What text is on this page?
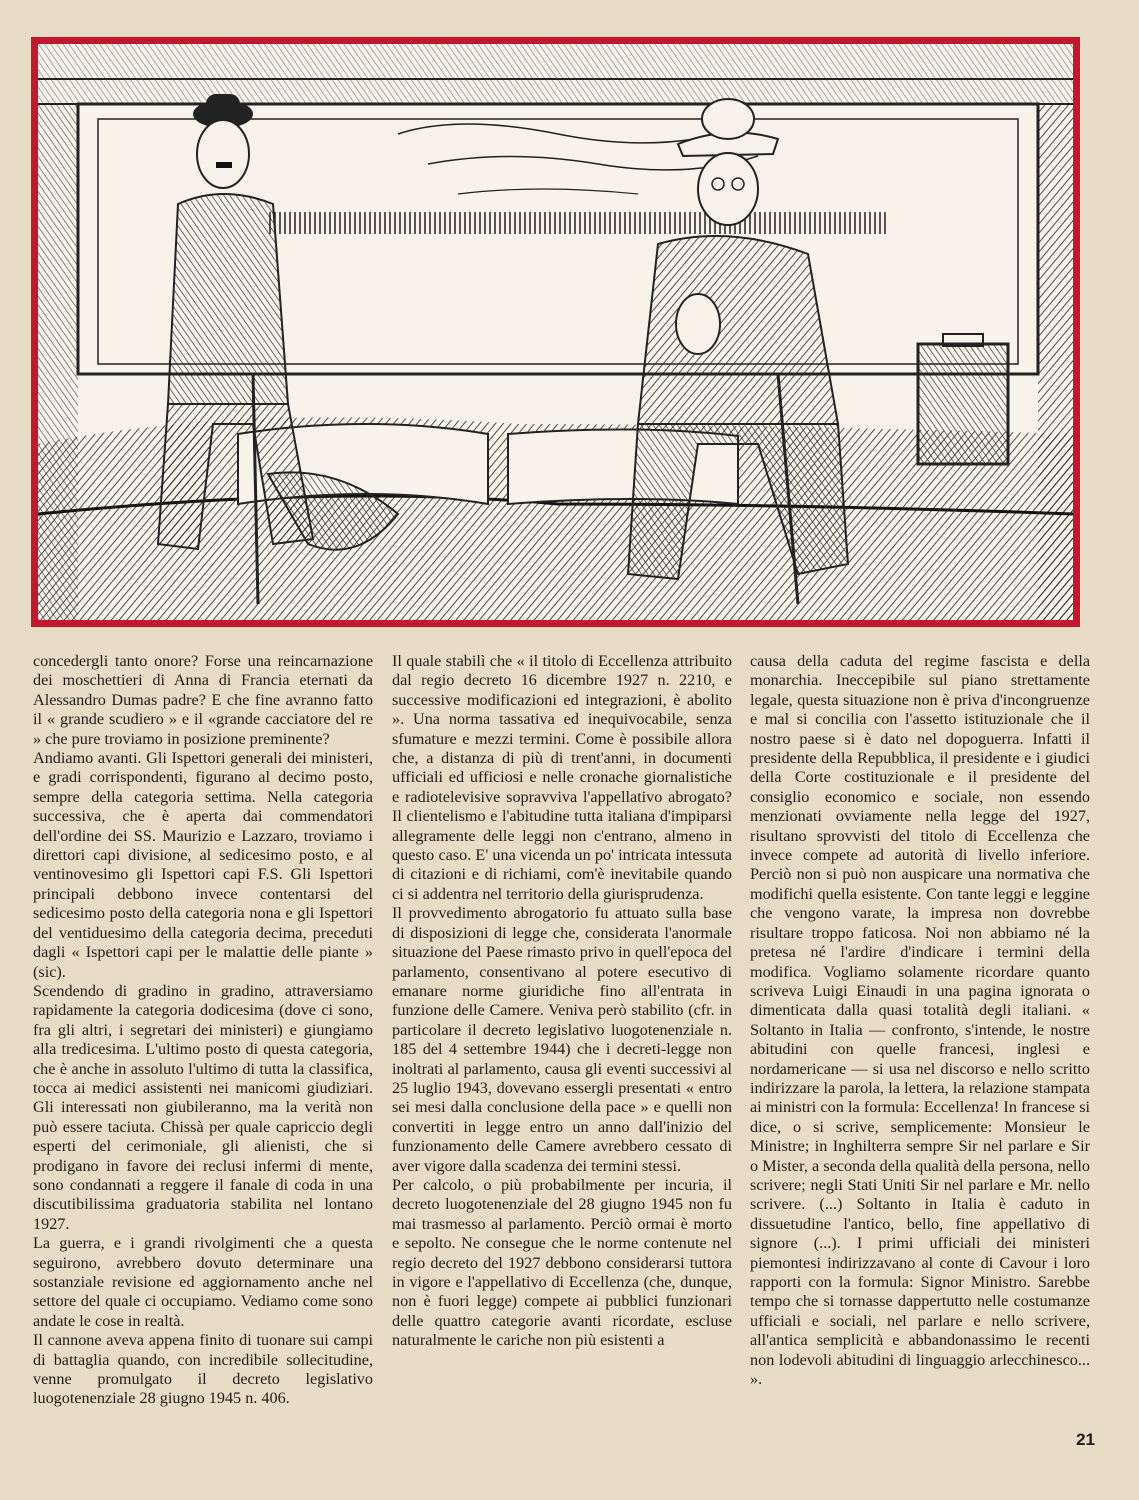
concedergli tanto onore? Forse una reincarnazione dei moschettieri di Anna di Francia eternati da Alessandro Dumas padre? E che fine avranno fatto il « grande scudiero » e il «grande cacciatore del re » che pure troviamo in posizione preminente?

Andiamo avanti. Gli Ispettori generali dei ministeri, e gradi corrispondenti, figurano al decimo posto, sempre della categoria settima. Nella categoria successiva, che è aperta dai commendatori dell'ordine dei SS. Maurizio e Lazzaro, troviamo i direttori capi divisione, al sedicesimo posto, e al ventinovesimo gli Ispettori capi F.S. Gli Ispettori principali debbono invece contentarsi del sedicesimo posto della categoria nona e gli Ispettori del ventiduesimo della categoria decima, preceduti dagli « Ispettori capi per le malattie delle piante » (sic).

Scendendo di gradino in gradino, attraversiamo rapidamente la categoria dodicesima (dove ci sono, fra gli altri, i segretari dei ministeri) e giungiamo alla tredicesima. L'ultimo posto di questa categoria, che è anche in assoluto l'ultimo di tutta la classifica, tocca ai medici assistenti nei manicomi giudiziari. Gli interessati non giubileranno, ma la verità non può essere taciuta. Chissà per quale capriccio degli esperti del cerimoniale, gli alienisti, che si prodigano in favore dei reclusi infermi di mente, sono condannati a reggere il fanale di coda in una discutibilissima graduatoria stabilita nel lontano 1927.

La guerra, e i grandi rivolgimenti che a questa seguirono, avrebbero dovuto determinare una sostanziale revisione ed aggiornamento anche nel settore del quale ci occupiamo. Vediamo come sono andate le cose in realtà.

Il cannone aveva appena finito di tuonare sui campi di battaglia quando, con incredibile sollecitudine, venne promulgato il decreto legislativo luogotenenziale 28 giugno 1945 n. 406.

Il quale stabilì che « il titolo di Eccellenza attribuito dal regio decreto 16 dicembre 1927 n. 2210, e successive modificazioni ed integrazioni, è abolito ». Una norma tassativa ed inequivocabile, senza sfumature e mezzi termini. Come è possibile allora che, a distanza di più di trent'anni, in documenti ufficiali ed ufficiosi e nelle cronache giornalistiche e radiotelevisive sopravviva l'appellativo abrogato? Il clientelismo e l'abitudine tutta italiana d'impiparsi allegramente delle leggi non c'entrano, almeno in questo caso. E' una vicenda un po' intricata intessuta di citazioni e di richiami, com'è inevitabile quando ci si addentra nel territorio della giurisprudenza.

Il provvedimento abrogatorio fu attuato sulla base di disposizioni di legge che, considerata l'anormale situazione del Paese rimasto privo in quell'epoca del parlamento, consentivano al potere esecutivo di emanare norme giuridiche fino all'entrata in funzione delle Camere. Veniva però stabilito (cfr. in particolare il decreto legislativo luogotenenziale n. 185 del 4 settembre 1944) che i decreti-legge non inoltrati al parlamento, causa gli eventi successivi al 25 luglio 1943, dovevano essergli presentati « entro sei mesi dalla conclusione della pace » e quelli non convertiti in legge entro un anno dall'inizio del funzionamento delle Camere avrebbero cessato di aver vigore dalla scadenza dei termini stessi.

Per calcolo, o più probabilmente per incuria, il decreto luogotenenziale del 28 giugno 1945 non fu mai trasmesso al parlamento. Perciò ormai è morto e sepolto. Ne consegue che le norme contenute nel regio decreto del 1927 debbono considerarsi tuttora in vigore e l'appellativo di Eccellenza (che, dunque, non è fuori legge) compete ai pubblici funzionari delle quattro categorie avanti ricordate, escluse naturalmente le cariche non più esistenti a

causa della caduta del regime fascista e della monarchia. Ineccepibile sul piano strettamente legale, questa situazione non è priva d'incongruenze e mal si concilia con l'assetto istituzionale che il nostro paese si è dato nel dopoguerra. Infatti il presidente della Repubblica, il presidente e i giudici della Corte costituzionale e il presidente del consiglio economico e sociale, non essendo menzionati ovviamente nella legge del 1927, risultano sprovvisti del titolo di Eccellenza che invece compete ad autorità di livello inferiore. Perciò non si può non auspicare una normativa che modifichi quella esistente. Con tante leggi e leggine che vengono varate, la impresa non dovrebbe risultare troppo faticosa. Noi non abbiamo né la pretesa né l'ardire d'indicare i termini della modifica. Vogliamo solamente ricordare quanto scriveva Luigi Einaudi in una pagina ignorata o dimenticata dalla quasi totalità degli italiani. « Soltanto in Italia — confronto, s'intende, le nostre abitudini con quelle francesi, inglesi e nordamericane — si usa nel discorso e nello scritto indirizzare la parola, la lettera, la relazione stampata ai ministri con la formula: Eccellenza! In francese si dice, o si scrive, semplicemente: Monsieur le Ministre; in Inghilterra sempre Sir nel parlare e Sir o Mister, a seconda della qualità della persona, nello scrivere; negli Stati Uniti Sir nel parlare e Mr. nello scrivere. (...) Soltanto in Italia è caduto in dissuetudine l'antico, bello, fine appellativo di signore (...). I primi ufficiali dei ministeri piemontesi indirizzavano al conte di Cavour i loro rapporti con la formula: Signor Ministro. Sarebbe tempo che si tornasse dappertutto nelle costumanze ufficiali e sociali, nel parlare e nello scrivere, all'antica semplicità e abbandonassimo le recenti non lodevoli abitudini di linguaggio arlecchinesco... ».

21
